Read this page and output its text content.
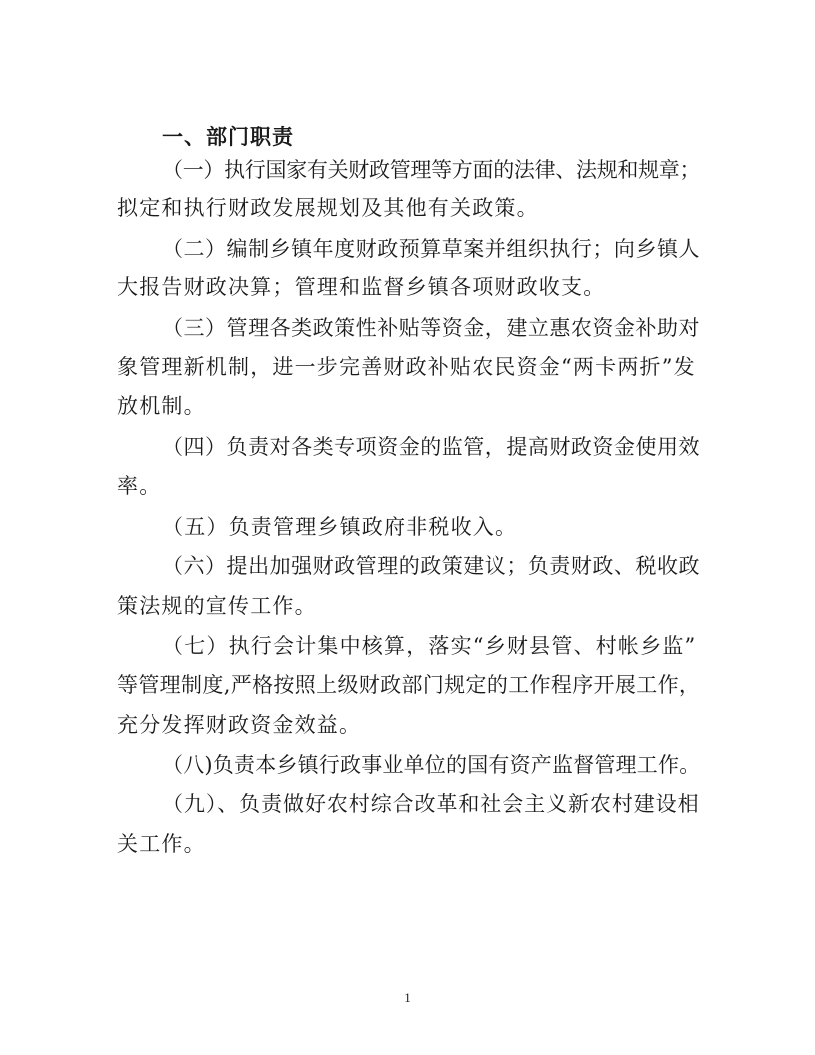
一、部门职责
（一）执行国家有关财政管理等方面的法律、法规和规章；
拟定和执行财政发展规划及其他有关政策。
（二）编制乡镇年度财政预算草案并组织执行；向乡镇人
大报告财政决算；管理和监督乡镇各项财政收支。
（三）管理各类政策性补贴等资金，建立惠农资金补助对
象管理新机制，进一步完善财政补贴农民资金“两卡两折”发
放机制。
（四）负责对各类专项资金的监管，提高财政资金使用效
率。
（五）负责管理乡镇政府非税收入。
（六）提出加强财政管理的政策建议；负责财政、税收政
策法规的宣传工作。
（七）执行会计集中核算，落实“乡财县管、村帐乡监”
等管理制度,严格按照上级财政部门规定的工作程序开展工作，
充分发挥财政资金效益。
（八)负责本乡镇行政事业单位的国有资产监督管理工作。
（九）、负责做好农村综合改革和社会主义新农村建设相
关工作。
1
